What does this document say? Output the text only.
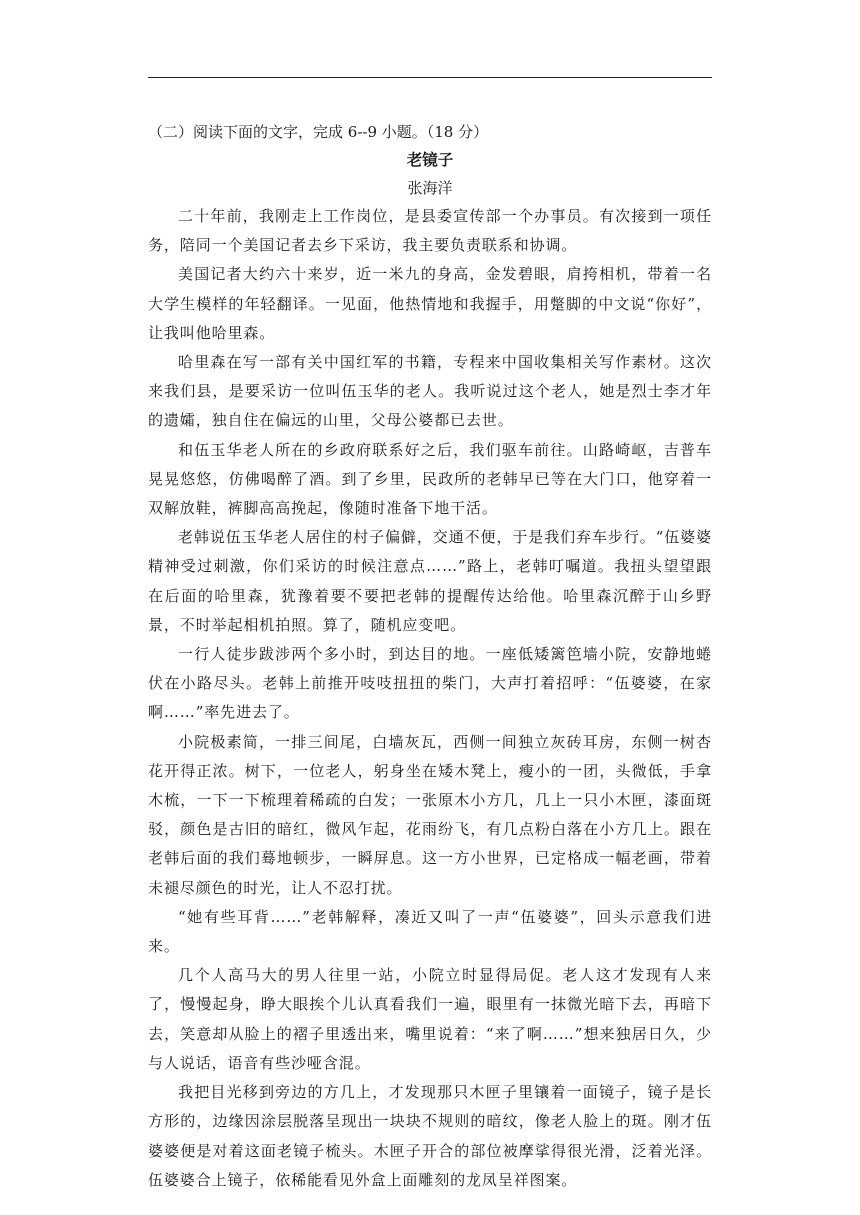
（二）阅读下面的文字，完成 6--9 小题。（18 分）

老镜子

张海洋

二十年前，我刚走上工作岗位，是县委宣传部一个办事员。有次接到一项任务，陪同一个美国记者去乡下采访，我主要负责联系和协调。

美国记者大约六十来岁，近一米九的身高，金发碧眼，肩挎相机，带着一名大学生模样的年轻翻译。一见面，他热情地和我握手，用蹩脚的中文说“你好”，让我叫他哈里森。

哈里森在写一部有关中国红军的书籍，专程来中国收集相关写作素材。这次来我们县，是要采访一位叫伍玉华的老人。我听说过这个老人，她是烈士李才年的遗孀，独自住在偏远的山里，父母公婆都已去世。

和伍玉华老人所在的乡政府联系好之后，我们驱车前往。山路崎岖，吉普车晃晃悠悠，仿佛喝醉了酒。到了乡里，民政所的老韩早已等在大门口，他穿着一双解放鞋，裤脚高高挽起，像随时准备下地干活。

老韩说伍玉华老人居住的村子偏僻，交通不便，于是我们弃车步行。“伍婆婆精神受过刺激，你们采访的时候注意点……”路上，老韩叮嘱道。我扭头望望跟在后面的哈里森，犹豫着要不要把老韩的提醒传达给他。哈里森沉醉于山乡野景，不时举起相机拍照。算了，随机应变吧。

一行人徒步跋涉两个多小时，到达目的地。一座低矮篱笆墙小院，安静地蜷伏在小路尽头。老韩上前推开吱吱扭扭的柴门，大声打着招呼：“伍婆婆，在家啊……”率先进去了。

小院极素简，一排三间尾，白墙灰瓦，西侧一间独立灰砖耳房，东侧一树杏花开得正浓。树下，一位老人，躬身坐在矮木凳上，瘦小的一团，头微低，手拿木梳，一下一下梳理着稀疏的白发；一张原木小方几，几上一只小木匣，漆面斑驳，颜色是古旧的暗红，微风乍起，花雨纷飞，有几点粉白落在小方几上。跟在老韩后面的我们蓦地顿步，一瞬屏息。这一方小世界，已定格成一幅老画，带着未褪尽颜色的时光，让人不忍打扰。

“她有些耳背……”老韩解释，凑近又叫了一声“伍婆婆”，回头示意我们进来。

几个人高马大的男人往里一站，小院立时显得局促。老人这才发现有人来了，慢慢起身，睁大眼挨个儿认真看我们一遍，眼里有一抹微光暗下去，再暗下去，笑意却从脸上的褶子里透出来，嘴里说着：“来了啊……”想来独居日久，少与人说话，语音有些沙哑含混。

我把目光移到旁边的方几上，才发现那只木匣子里镶着一面镜子，镜子是长方形的，边缘因涂层脱落呈现出一块块不规则的暗纹，像老人脸上的斑。刚才伍婆婆便是对着这面老镜子梳头。木匣子开合的部位被摩挲得很光滑，泛着光泽。伍婆婆合上镜子，依稀能看见外盒上面雕刻的龙凤呈祥图案。
